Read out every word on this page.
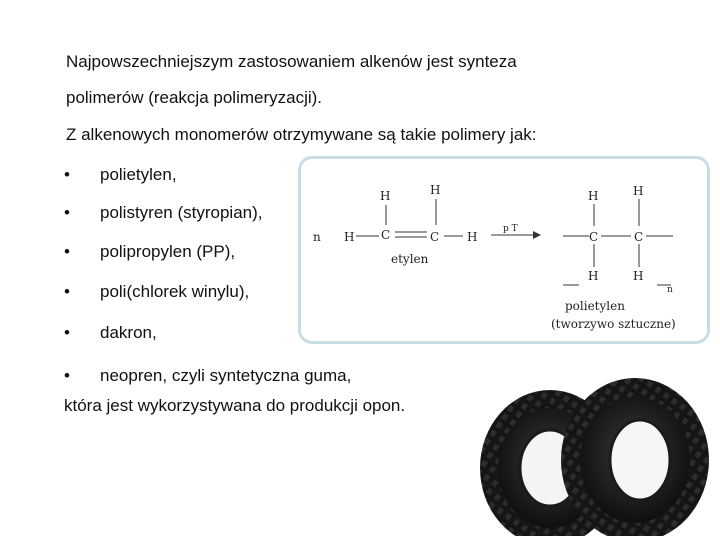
Najpowszechniejszym zastosowaniem alkenów jest synteza
polimerów (reakcja polimeryzacji).
Z alkenowych monomerów otrzymywane są takie polimery jak:
• polietylen,
• polistyren (styropian),
• polipropylen (PP),
• poli(chlorek winylu),
• dakron,
• neopren, czyli syntetyczna guma,
która jest wykorzystywana do produkcji opon.
n
H	H
H C	C H
etylen
p T
H	H
C	C
H	H
n
polietylen
(tworzywo sztuczne)
